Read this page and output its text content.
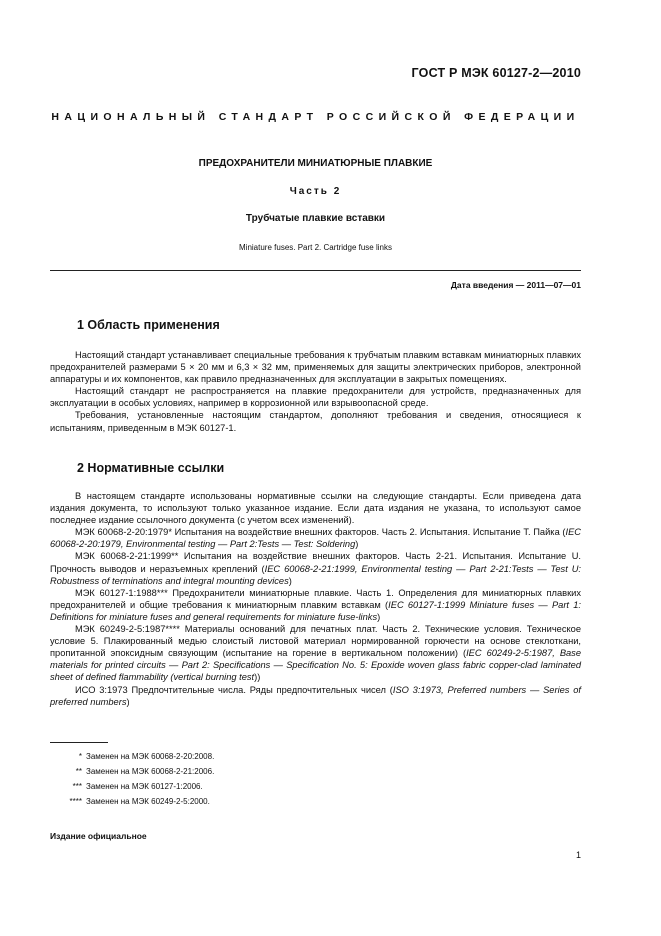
ГОСТ Р МЭК 60127-2—2010
НАЦИОНАЛЬНЫЙ СТАНДАРТ РОССИЙСКОЙ ФЕДЕРАЦИИ
ПРЕДОХРАНИТЕЛИ МИНИАТЮРНЫЕ ПЛАВКИЕ
Часть 2
Трубчатые плавкие вставки
Miniature fuses. Part 2. Cartridge fuse links
Дата введения — 2011—07—01
1 Область применения

Настоящий стандарт устанавливает специальные требования к трубчатым плавким вставкам миниатюрных плавких предохранителей размерами 5 × 20 мм и 6,3 × 32 мм, применяемых для защиты электрических приборов, электронной аппаратуры и их компонентов, как правило предназначенных для эксплуатации в закрытых помещениях.

Настоящий стандарт не распространяется на плавкие предохранители для устройств, предназначенных для эксплуатации в особых условиях, например в коррозионной или взрывоопасной среде.

Требования, установленные настоящим стандартом, дополняют требования и сведения, относящиеся к испытаниям, приведенным в МЭК 60127-1.

2 Нормативные ссылки

В настоящем стандарте использованы нормативные ссылки на следующие стандарты. Если приведена дата издания документа, то используют только указанное издание. Если дата издания не указана, то используют самое последнее издание ссылочного документа (с учетом всех изменений).

МЭК 60068-2-20:1979* Испытания на воздействие внешних факторов. Часть 2. Испытания. Испытание Т. Пайка (IEC 60068-2-20:1979, Environmental testing — Part 2:Tests — Test: Soldering)

МЭК 60068-2-21:1999** Испытания на воздействие внешних факторов. Часть 2-21. Испытания. Испытание U. Прочность выводов и неразъемных креплений (IEC 60068-2-21:1999, Environmental testing — Part 2-21:Tests — Test U: Robustness of terminations and integral mounting devices)

МЭК 60127-1:1988*** Предохранители миниатюрные плавкие. Часть 1. Определения для миниатюрных плавких предохранителей и общие требования к миниатюрным плавким вставкам (IEC 60127-1:1999 Miniature fuses — Part 1: Definitions for miniature fuses and general requirements for miniature fuse-links)

МЭК 60249-2-5:1987**** Материалы оснований для печатных плат. Часть 2. Технические условия. Техническое условие 5. Плакированный медью слоистый листовой материал нормированной горючести на основе стеклоткани, пропитанной эпоксидным связующим (испытание на горение в вертикальном положении) (IEC 60249-2-5:1987, Base materials for printed circuits — Part 2: Specifications — Specification No. 5: Epoxide woven glass fabric copper-clad laminated sheet of defined flammability (vertical burning test))

ИСО 3:1973 Предпочтительные числа. Ряды предпочтительных чисел (ISO 3:1973, Preferred numbers — Series of preferred numbers)

* Заменен на МЭК 60068-2-20:2008.
** Заменен на МЭК 60068-2-21:2006.
*** Заменен на МЭК 60127-1:2006.
**** Заменен на МЭК 60249-2-5:2000.
Издание официальное
1
